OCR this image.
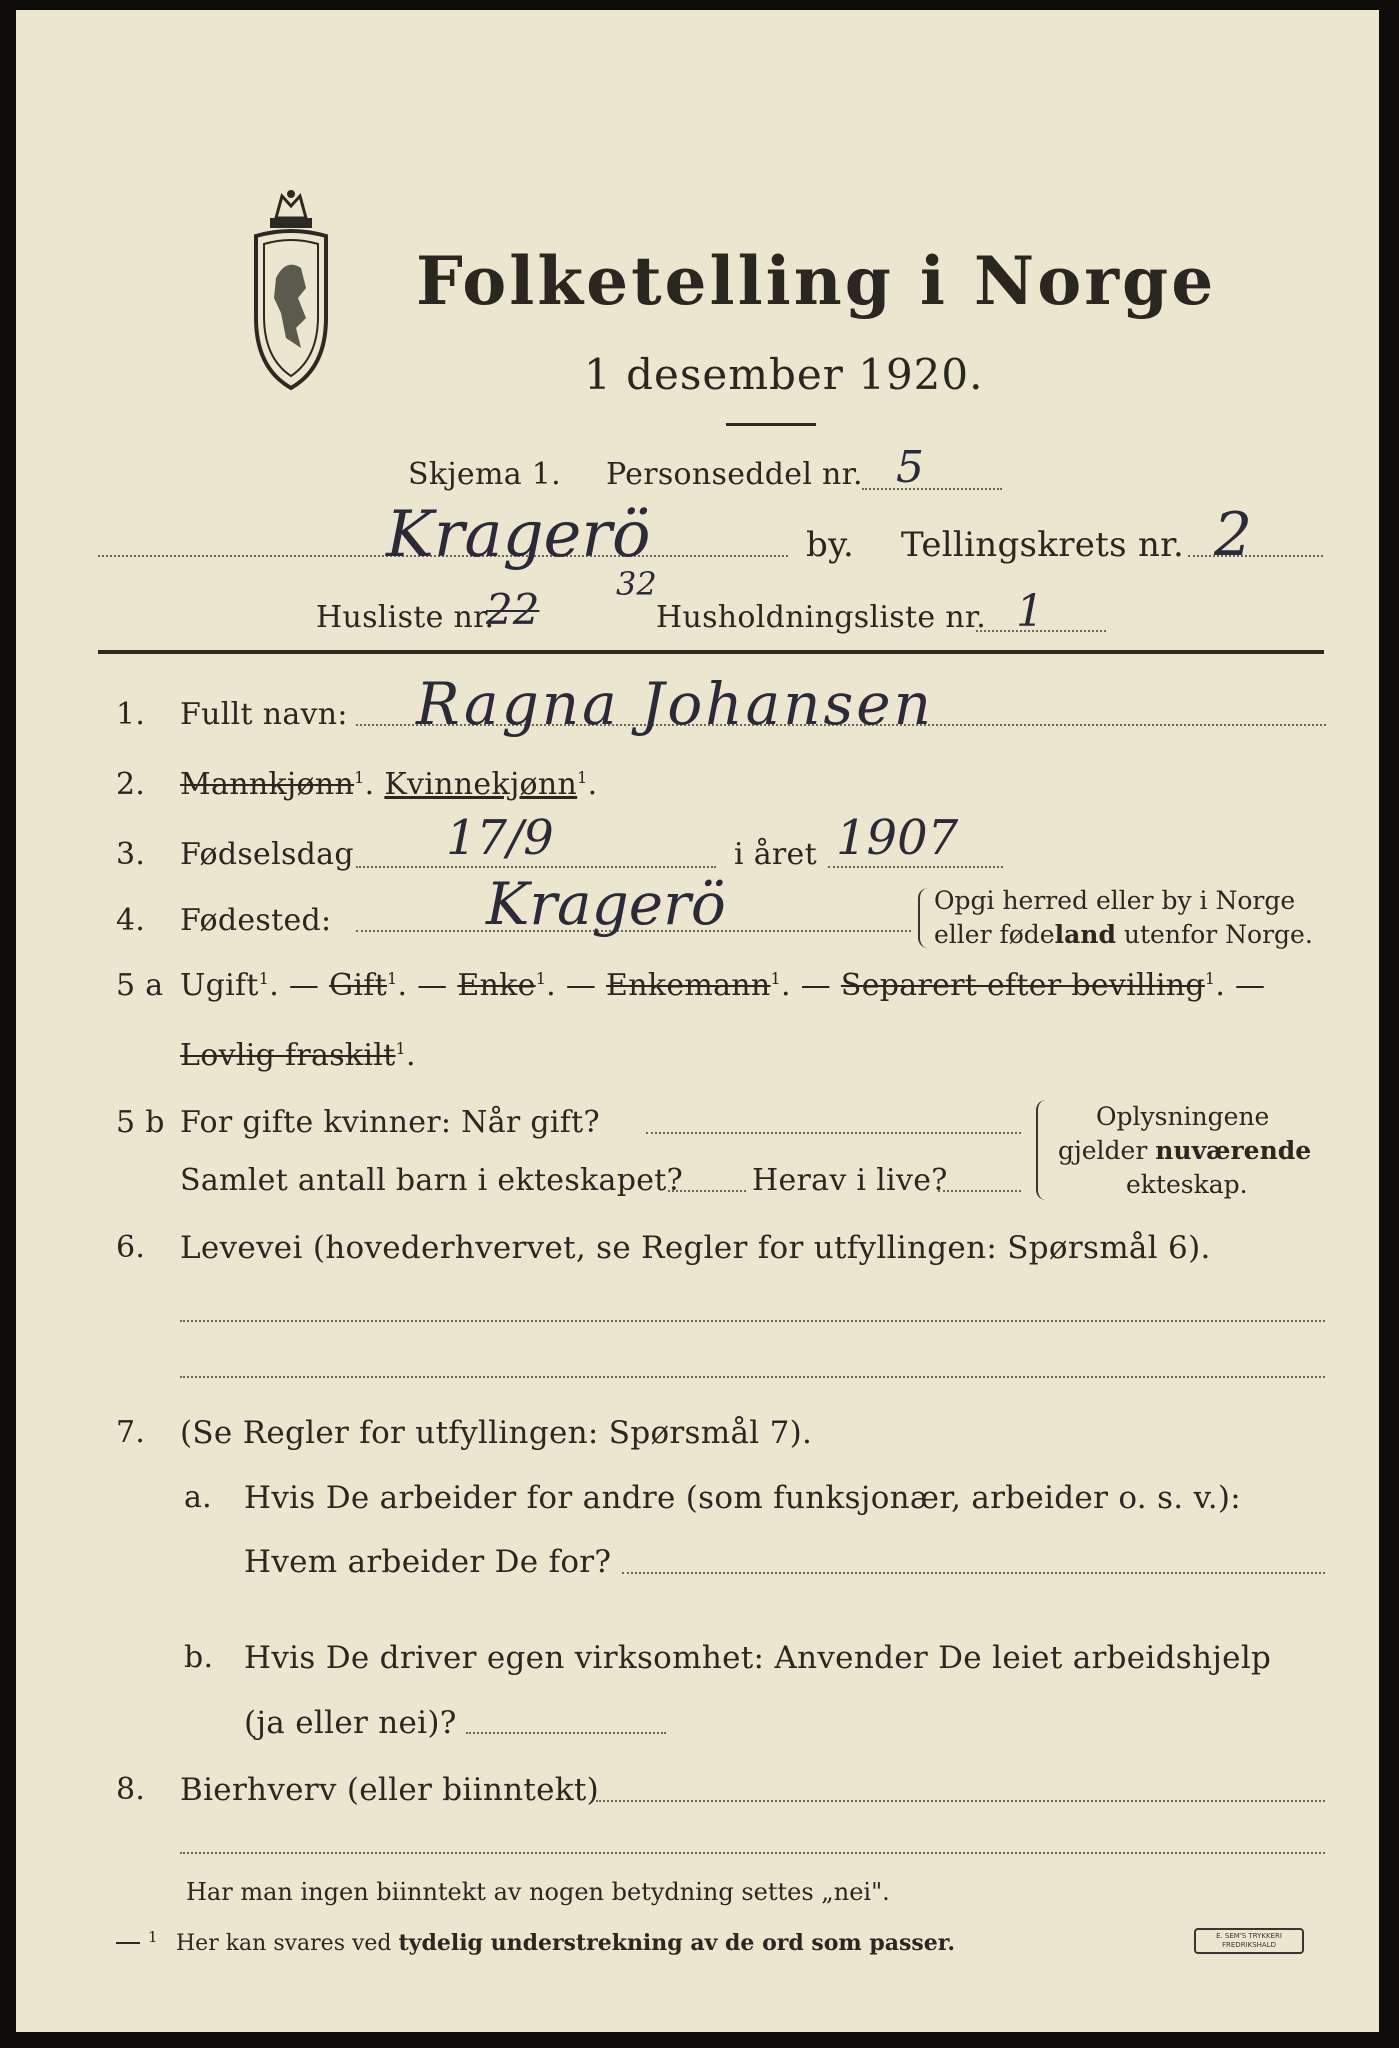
Folketelling i Norge
1 desember 1920.
Skjema 1. Personseddel nr. 5
Kragerö	by. Tellingskrets nr. 2
Husliste nr.
22
32
Husholdningsliste nr. 1
1. Fullt navn: Ragna Johansen
2. Mannkjønn$^1$. Kvinnekjønn$^1$.
3. Fødselsdag 17/9	i året 1907
4. Fødested:	Kragerö	Opgi herred eller by i Norge
eller fødeland utenfor Norge.
5 a Ugift$^1$. — Gift$^1$. — Enke$^1$. — Enkemann$^1$. — Separert efter bevilling$^1$. —
Lovlig fraskilt$^1$.
5 b For gifte kvinner: Når gift?
Samlet antall barn i ekteskapet? Herav i live?
Oplysningene
gjelder nuværende
ekteskap.
6. Levevei (hovederhvervet, se Regler for utfyllingen: Spørsmål 6).
7. (Se Regler for utfyllingen: Spørsmål 7).
a. Hvis De arbeider for andre (som funksjonær, arbeider o. s. v.):
Hvem arbeider De for?
b. Hvis De driver egen virksomhet: Anvender De leiet arbeidshjelp
(ja eller nei)?
8. Bierhverv (eller biinntekt)
Har man ingen biinntekt av nogen betydning settes „nei".
1 Her kan svares ved tydelig understrekning av de ord som passer.	E. SEM'S TRYKKERI
FREDRIKSHALD
